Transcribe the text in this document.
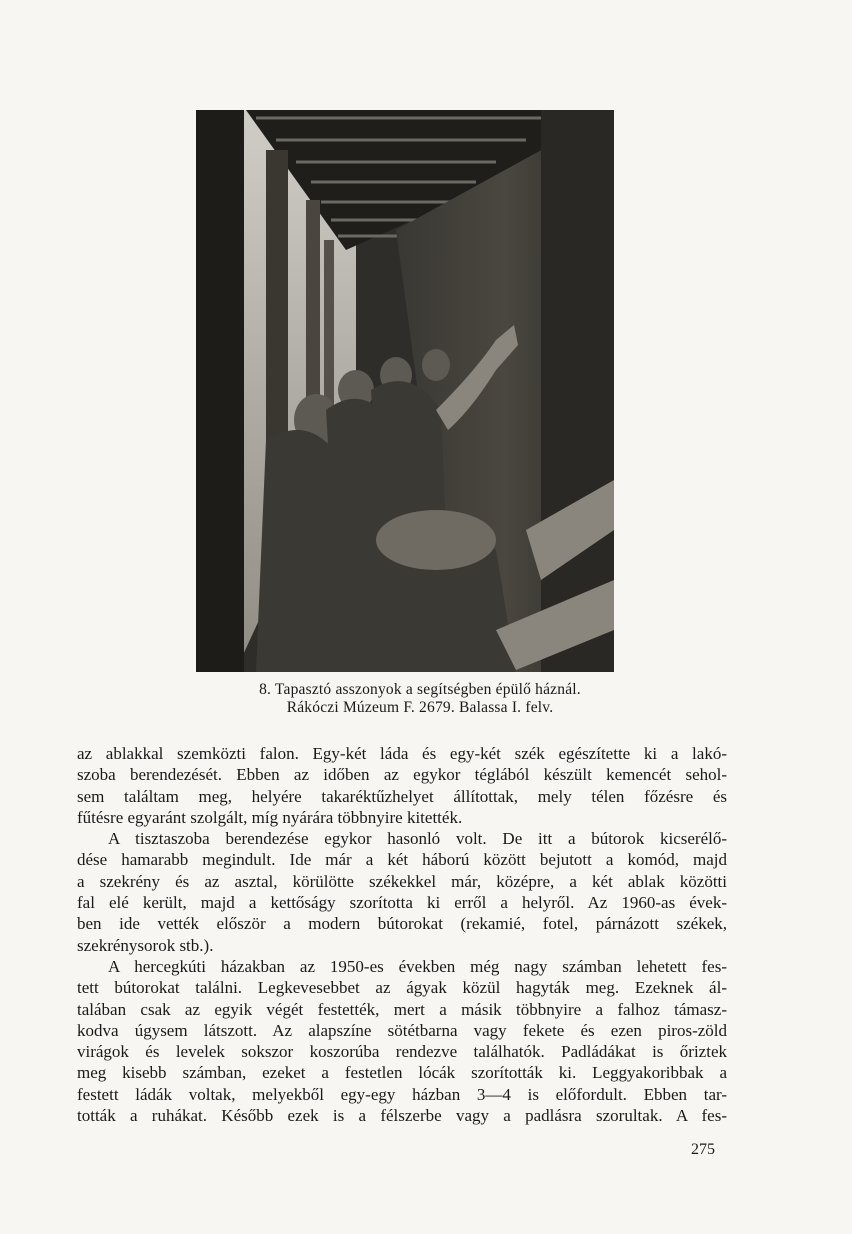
8. Tapasztó asszonyok a segítségben épülő háznál.
Rákóczi Múzeum F. 2679. Balassa I. felv.
az ablakkal szemközti falon. Egy-két láda és egy-két szék egészítette ki a lakó-
szoba berendezését. Ebben az időben az egykor téglából készült kemencét sehol-
sem találtam meg, helyére takaréktűzhelyet állítottak, mely télen főzésre és
fűtésre egyaránt szolgált, míg nyárára többnyire kitették.
A tisztaszoba berendezése egykor hasonló volt. De itt a bútorok kicserélő-
dése hamarabb megindult. Ide már a két háború között bejutott a komód, majd
a szekrény és az asztal, körülötte székekkel már, középre, a két ablak közötti
fal elé került, majd a kettőságy szorította ki erről a helyről. Az 1960-as évek-
ben ide vették először a modern bútorokat (rekamié, fotel, párnázott székek,
szekrénysorok stb.).
A hercegkúti házakban az 1950-es években még nagy számban lehetett fes-
tett bútorokat találni. Legkevesebbet az ágyak közül hagyták meg. Ezeknek ál-
talában csak az egyik végét festették, mert a másik többnyire a falhoz támasz-
kodva úgysem látszott. Az alapszíne sötétbarna vagy fekete és ezen piros-zöld
virágok és levelek sokszor koszorúba rendezve találhatók. Padládákat is őriztek
meg kisebb számban, ezeket a festetlen lócák szorították ki. Leggyakoribbak a
festett ládák voltak, melyekből egy-egy házban 3—4 is előfordult. Ebben tar-
tották a ruhákat. Később ezek is a félszerbe vagy a padlásra szorultak. A fes-
275
